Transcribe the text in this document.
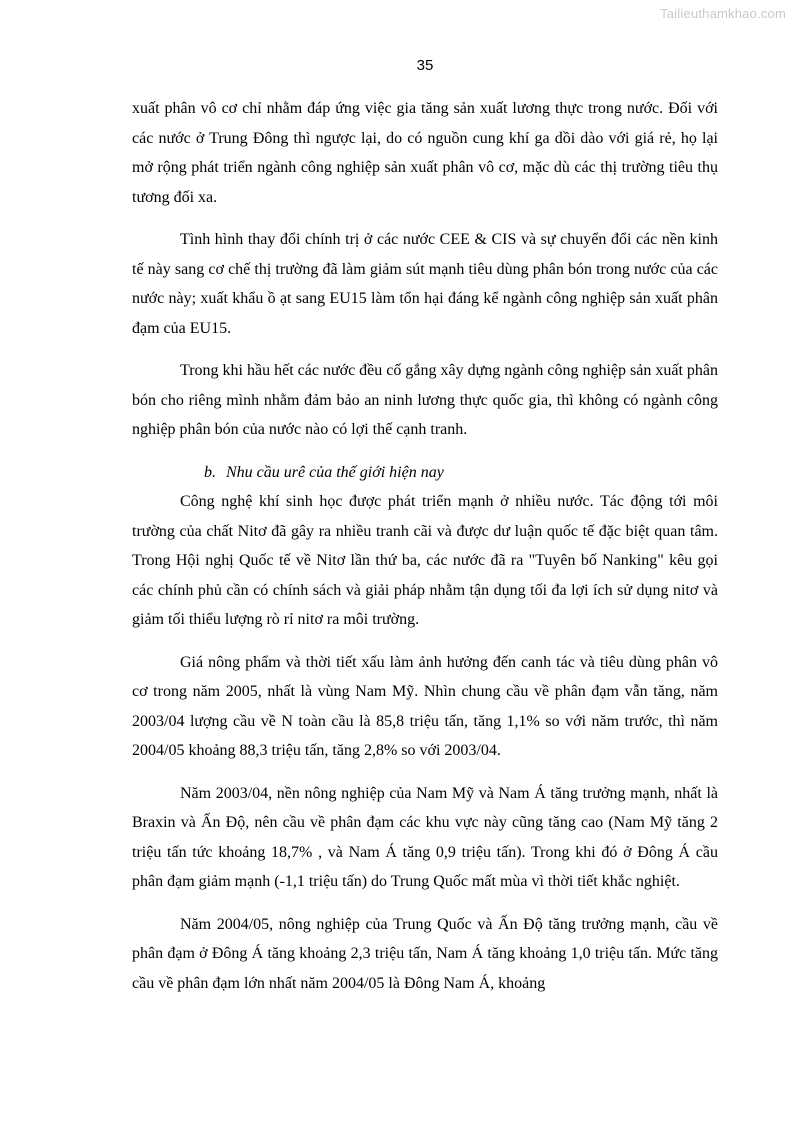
Tailieuthamkhao.com
35

xuất phân vô cơ chỉ nhằm đáp ứng việc gia tăng sản xuất lương thực trong nước. Đối với các nước ở Trung Đông thì ngược lại, do có nguồn cung khí ga dồi dào với giá rẻ, họ lại mở rộng phát triển ngành công nghiệp sản xuất phân vô cơ, mặc dù các thị trường tiêu thụ tương đối xa.

Tình hình thay đổi chính trị ở các nước CEE & CIS và sự chuyển đổi các nền kinh tế này sang cơ chế thị trường đã làm giảm sút mạnh tiêu dùng phân bón trong nước của các nước này; xuất khẩu ồ ạt sang EU15 làm tổn hại đáng kể ngành công nghiệp sản xuất phân đạm của EU15.

Trong khi hầu hết các nước đều cố gắng xây dựng ngành công nghiệp sản xuất phân bón cho riêng mình nhằm đảm bảo an ninh lương thực quốc gia, thì không có ngành công nghiệp phân bón của nước nào có lợi thế cạnh tranh.

b. Nhu cầu urê của thế giới hiện nay

Công nghệ khí sinh học được phát triển mạnh ở nhiều nước. Tác động tới môi trường của chất Nitơ đã gây ra nhiều tranh cãi và được dư luận quốc tế đặc biệt quan tâm. Trong Hội nghị Quốc tế về Nitơ lần thứ ba, các nước đã ra "Tuyên bố Nanking" kêu gọi các chính phủ cần có chính sách và giải pháp nhằm tận dụng tối đa lợi ích sử dụng nitơ và giảm tối thiểu lượng rò rỉ nitơ ra môi trường.

Giá nông phẩm và thời tiết xấu làm ảnh hưởng đến canh tác và tiêu dùng phân vô cơ trong năm 2005, nhất là vùng Nam Mỹ. Nhìn chung cầu về phân đạm vẫn tăng, năm 2003/04 lượng cầu về N toàn cầu là 85,8 triệu tấn, tăng 1,1% so với năm trước, thì năm 2004/05 khoảng 88,3 triệu tấn, tăng 2,8% so với 2003/04.

Năm 2003/04, nền nông nghiệp của Nam Mỹ và Nam Á tăng trưởng mạnh, nhất là Braxin và Ấn Độ, nên cầu về phân đạm các khu vực này cũng tăng cao (Nam Mỹ tăng 2 triệu tấn tức khoảng 18,7% , và Nam Á tăng 0,9 triệu tấn). Trong khi đó ở Đông Á cầu phân đạm giảm mạnh (-1,1 triệu tấn) do Trung Quốc mất mùa vì thời tiết khắc nghiệt.

Năm 2004/05, nông nghiệp của Trung Quốc và Ấn Độ tăng trưởng mạnh, cầu về phân đạm ở Đông Á tăng khoảng 2,3 triệu tấn, Nam Á tăng khoảng 1,0 triệu tấn. Mức tăng cầu về phân đạm lớn nhất năm 2004/05 là Đông Nam Á, khoảng
